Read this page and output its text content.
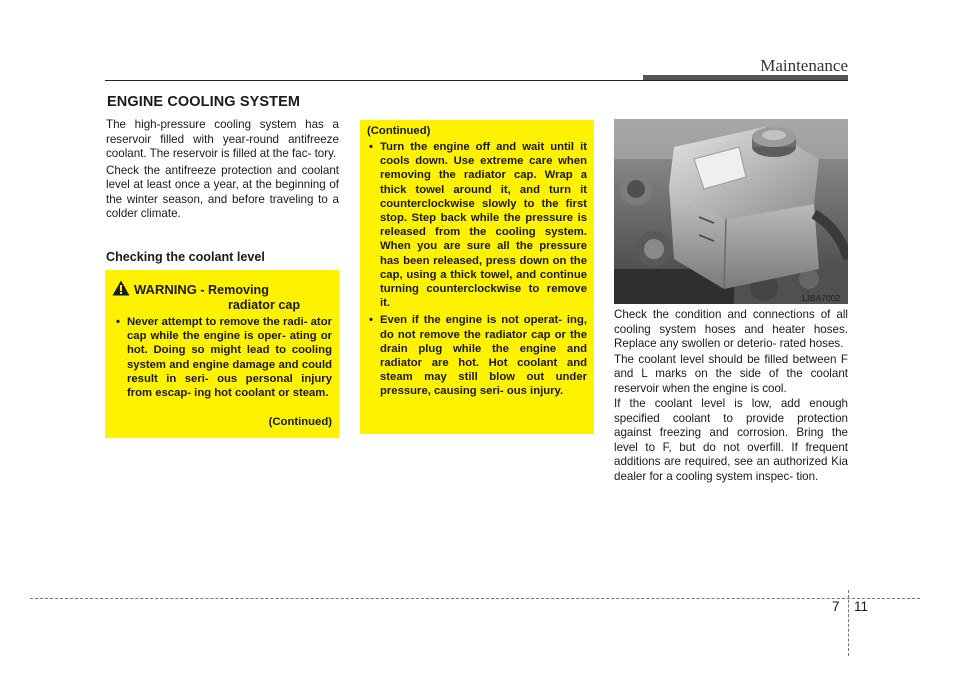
Maintenance
ENGINE COOLING SYSTEM

The high-pressure cooling system has a reservoir filled with year-round antifreeze coolant. The reservoir is filled at the fac- tory.

Check the antifreeze protection and coolant level at least once a year, at the beginning of the winter season, and before traveling to a colder climate.

Checking the coolant level
WARNING - Removing
radiator cap
• Never attempt to remove the radi- ator cap while the engine is oper- ating or hot. Doing so might lead to cooling system and engine damage and could result in seri- ous personal injury from escap- ing hot coolant or steam.
(Continued)
(Continued)
• Turn the engine off and wait until it cools down. Use extreme care when removing the radiator cap. Wrap a thick towel around it, and turn it counterclockwise slowly to the first stop. Step back while the pressure is released from the cooling system. When you are sure all the pressure has been released, press down on the cap, using a thick towel, and continue turning counterclockwise to remove it.
• Even if the engine is not operat- ing, do not remove the radiator cap or the drain plug while the engine and radiator are hot. Hot coolant and steam may still blow out under pressure, causing seri- ous injury.
1JBA7002

Check the condition and connections of all cooling system hoses and heater hoses. Replace any swollen or deterio- rated hoses.

The coolant level should be filled between F and L marks on the side of the coolant reservoir when the engine is cool.

If the coolant level is low, add enough specified coolant to provide protection against freezing and corrosion. Bring the level to F, but do not overfill. If frequent additions are required, see an authorized Kia dealer for a cooling system inspec- tion.

7 11
